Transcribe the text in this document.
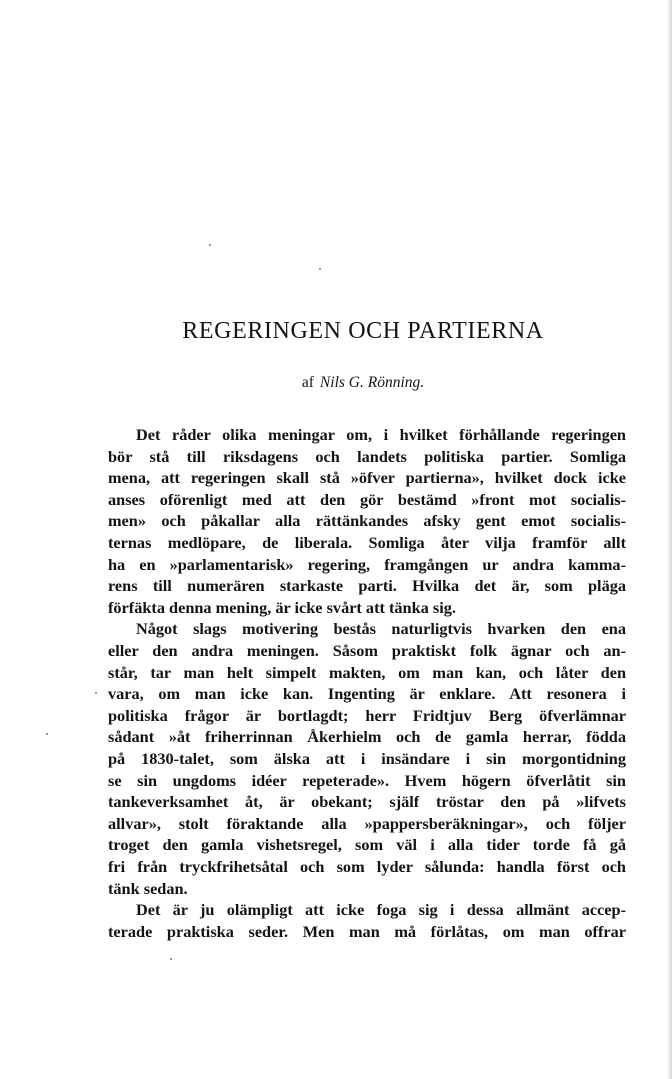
REGERINGEN OCH PARTIERNA

af Nils G. Rönning.

Det råder olika meningar om, i hvilket förhållande regeringen

bör stå till riksdagens och landets politiska partier. Somliga

mena, att regeringen skall stå »öfver partierna», hvilket dock icke

anses oförenligt med att den gör bestämd »front mot socialis-

men» och påkallar alla rättänkandes afsky gent emot socialis-

ternas medlöpare, de liberala. Somliga åter vilja framför allt

ha en »parlamentarisk» regering, framgången ur andra kamma-

rens till numerären starkaste parti. Hvilka det är, som pläga

förfäkta denna mening, är icke svårt att tänka sig.

Något slags motivering bestås naturligtvis hvarken den ena

eller den andra meningen. Såsom praktiskt folk ägnar och an-

står, tar man helt simpelt makten, om man kan, och låter den

vara, om man icke kan. Ingenting är enklare. Att resonera i

politiska frågor är bortlagdt; herr Fridtjuv Berg öfverlämnar

sådant »åt friherrinnan Åkerhielm och de gamla herrar, födda

på 1830-talet, som älska att i insändare i sin morgontidning

se sin ungdoms idéer repeterade». Hvem högern öfverlåtit sin

tankeverksamhet åt, är obekant; själf tröstar den på »lifvets

allvar», stolt föraktande alla »pappersberäkningar», och följer

troget den gamla vishetsregel, som väl i alla tider torde få gå

fri från tryckfrihetsåtal och som lyder sålunda: handla först och

tänk sedan.

Det är ju olämpligt att icke foga sig i dessa allmänt accep-

terade praktiska seder. Men man må förlåtas, om man offrar
